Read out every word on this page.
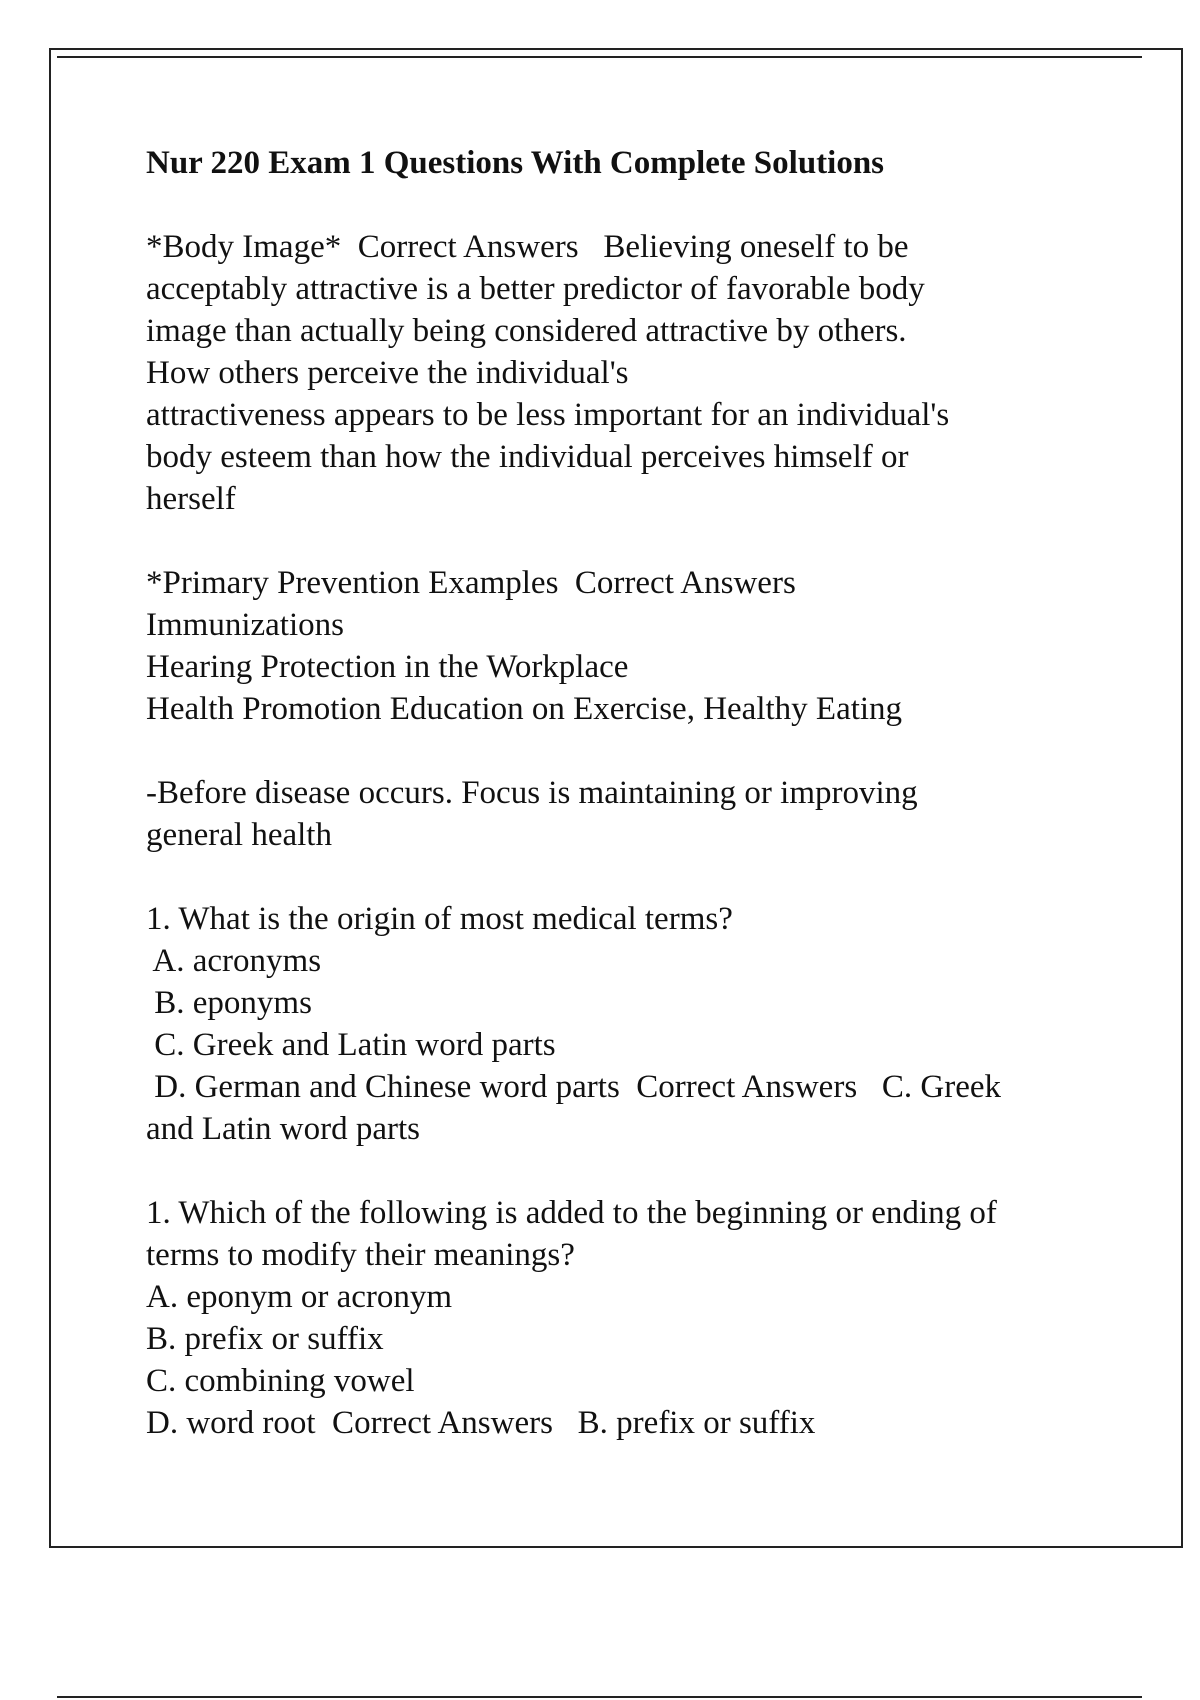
Nur 220 Exam 1 Questions With Complete Solutions
*Body Image*  Correct Answers   Believing oneself to be
acceptably attractive is a better predictor of favorable body
image than actually being considered attractive by others.
How others perceive the individual's
attractiveness appears to be less important for an individual's
body esteem than how the individual perceives himself or
herself
*Primary Prevention Examples  Correct Answers
Immunizations
Hearing Protection in the Workplace
Health Promotion Education on Exercise, Healthy Eating
-Before disease occurs. Focus is maintaining or improving
general health
1. What is the origin of most medical terms?
A. acronyms
B. eponyms
C. Greek and Latin word parts
D. German and Chinese word parts  Correct Answers   C. Greek
and Latin word parts
1. Which of the following is added to the beginning or ending of
terms to modify their meanings?
A. eponym or acronym
B. prefix or suffix
C. combining vowel
D. word root  Correct Answers   B. prefix or suffix
